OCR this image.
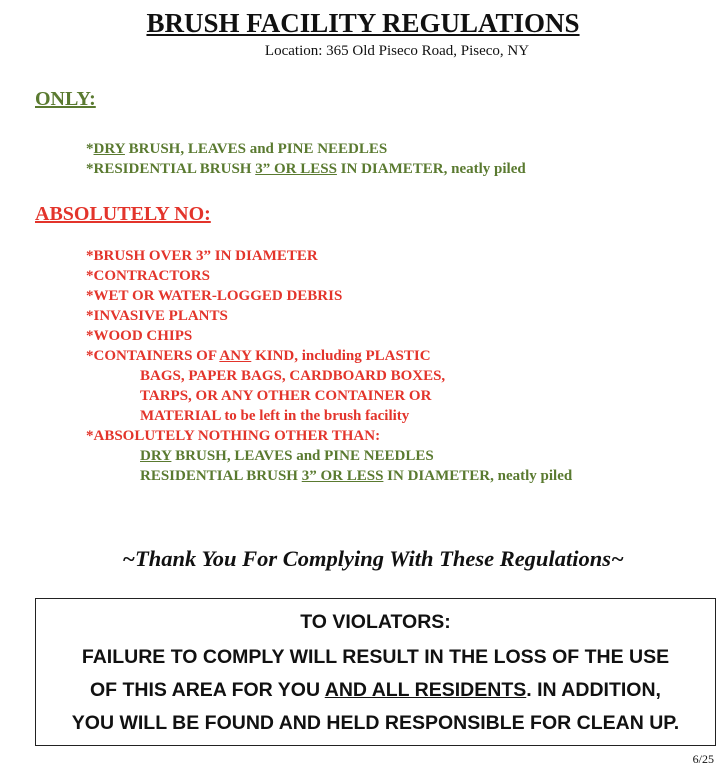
BRUSH FACILITY REGULATIONS
Location: 365 Old Piseco Road, Piseco, NY
ONLY:
*DRY BRUSH, LEAVES and PINE NEEDLES
*RESIDENTIAL BRUSH 3” OR LESS IN DIAMETER, neatly piled
ABSOLUTELY NO:
*BRUSH OVER 3” IN DIAMETER
*CONTRACTORS
*WET OR WATER-LOGGED DEBRIS
*INVASIVE PLANTS
*WOOD CHIPS
*CONTAINERS OF ANY KIND, including PLASTIC
BAGS, PAPER BAGS, CARDBOARD BOXES,
TARPS, OR ANY OTHER CONTAINER OR
MATERIAL to be left in the brush facility
*ABSOLUTELY NOTHING OTHER THAN:
DRY BRUSH, LEAVES and PINE NEEDLES
RESIDENTIAL BRUSH 3” OR LESS IN DIAMETER, neatly piled
~Thank You For Complying With These Regulations~
TO VIOLATORS:
FAILURE TO COMPLY WILL RESULT IN THE LOSS OF THE USE
OF THIS AREA FOR YOU AND ALL RESIDENTS. IN ADDITION,
YOU WILL BE FOUND AND HELD RESPONSIBLE FOR CLEAN UP.
6/25
